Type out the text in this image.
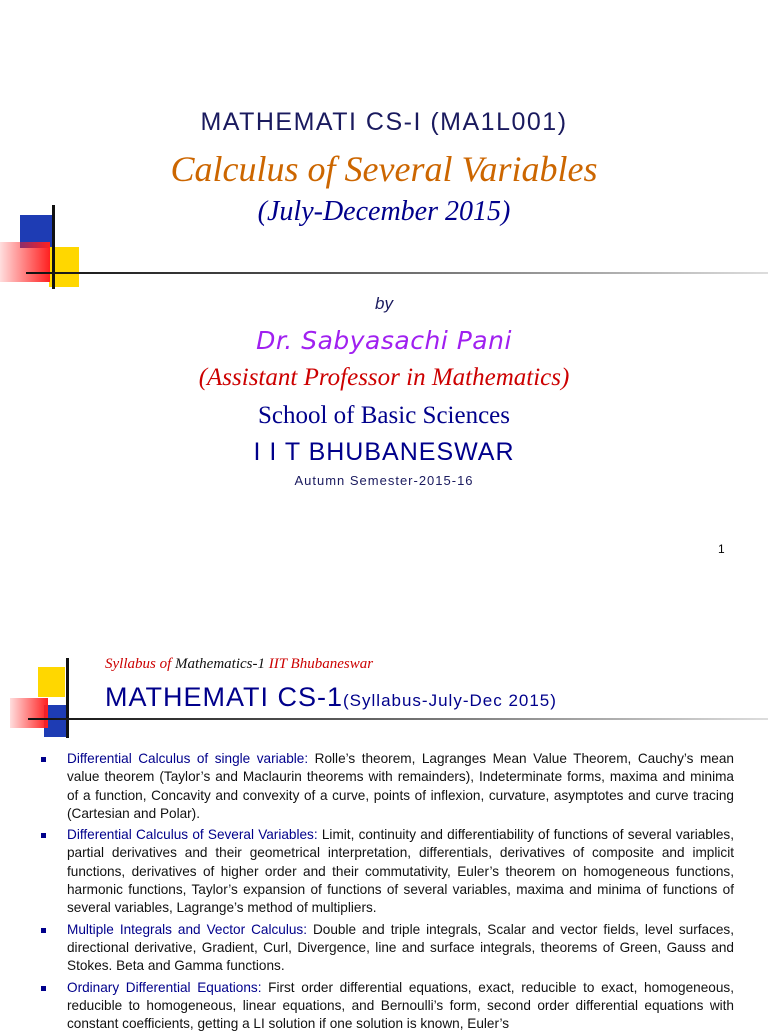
MATHEMATI CS-I (MA1L001)
Calculus of Several Variables
(July-December 2015)
by
Dr. Sabyasachi Pani
(Assistant Professor in Mathematics)
School of Basic Sciences
I I T BHUBANESWAR
Autumn Semester-2015-16
1
Syllabus of Mathematics-1 IIT Bhubaneswar
MATHEMATI CS-1(Syllabus-July-Dec 2015)
Differential Calculus of single variable: Rolle’s theorem, Lagranges Mean Value Theorem, Cauchy’s mean value theorem (Taylor’s and Maclaurin theorems with remainders), Indeterminate forms, maxima and minima of a function, Concavity and convexity of a curve, points of inflexion, curvature, asymptotes and curve tracing (Cartesian and Polar).
Differential Calculus of Several Variables: Limit, continuity and differentiability of functions of several variables, partial derivatives and their geometrical interpretation, differentials, derivatives of composite and implicit functions, derivatives of higher order and their commutativity, Euler’s theorem on homogeneous functions, harmonic functions, Taylor’s expansion of functions of several variables, maxima and minima of functions of several variables, Lagrange’s method of multipliers.
Multiple Integrals and Vector Calculus: Double and triple integrals, Scalar and vector fields, level surfaces, directional derivative, Gradient, Curl, Divergence, line and surface integrals, theorems of Green, Gauss and Stokes. Beta and Gamma functions.
Ordinary Differential Equations: First order differential equations, exact, reducible to exact, homogeneous, reducible to homogeneous, linear equations, and Bernoulli’s form, second order differential equations with constant coefficients, getting a LI solution if one solution is known, Euler’s
